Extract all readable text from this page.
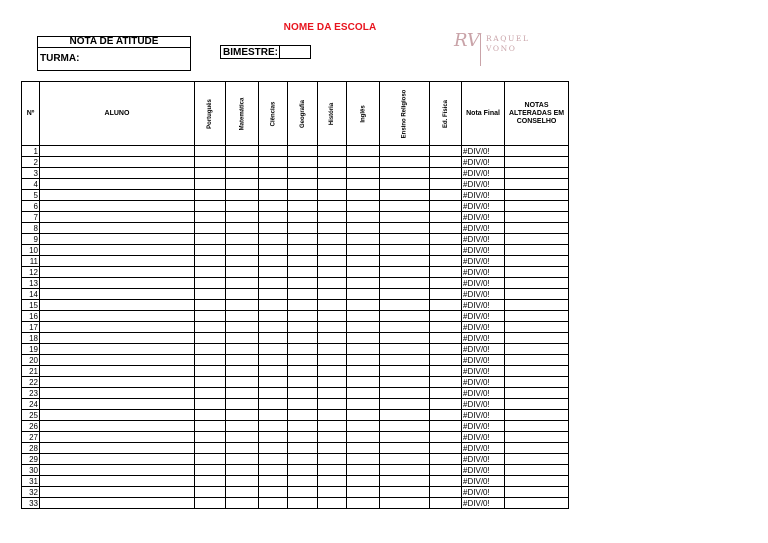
NOME DA ESCOLA
NOTA DE ATITUDE
TURMA:
BIMESTRE:
RV RAQUEL
VONO
Nº	ALUNO	Português	Matemática	Ciências	Geografia	História	Inglês	Ensino Religioso	Ed. Física	Nota Final	NOTAS ALTERADAS EM CONSELHO
1										#DIV/0!	
2										#DIV/0!	
3										#DIV/0!	
4										#DIV/0!	
5										#DIV/0!	
6										#DIV/0!	
7										#DIV/0!	
8										#DIV/0!	
9										#DIV/0!	
10										#DIV/0!	
11										#DIV/0!	
12										#DIV/0!	
13										#DIV/0!	
14										#DIV/0!	
15										#DIV/0!	
16										#DIV/0!	
17										#DIV/0!	
18										#DIV/0!	
19										#DIV/0!	
20										#DIV/0!	
21										#DIV/0!	
22										#DIV/0!	
23										#DIV/0!	
24										#DIV/0!	
25										#DIV/0!	
26										#DIV/0!	
27										#DIV/0!	
28										#DIV/0!	
29										#DIV/0!	
30										#DIV/0!	
31										#DIV/0!	
32										#DIV/0!	
33										#DIV/0!	
